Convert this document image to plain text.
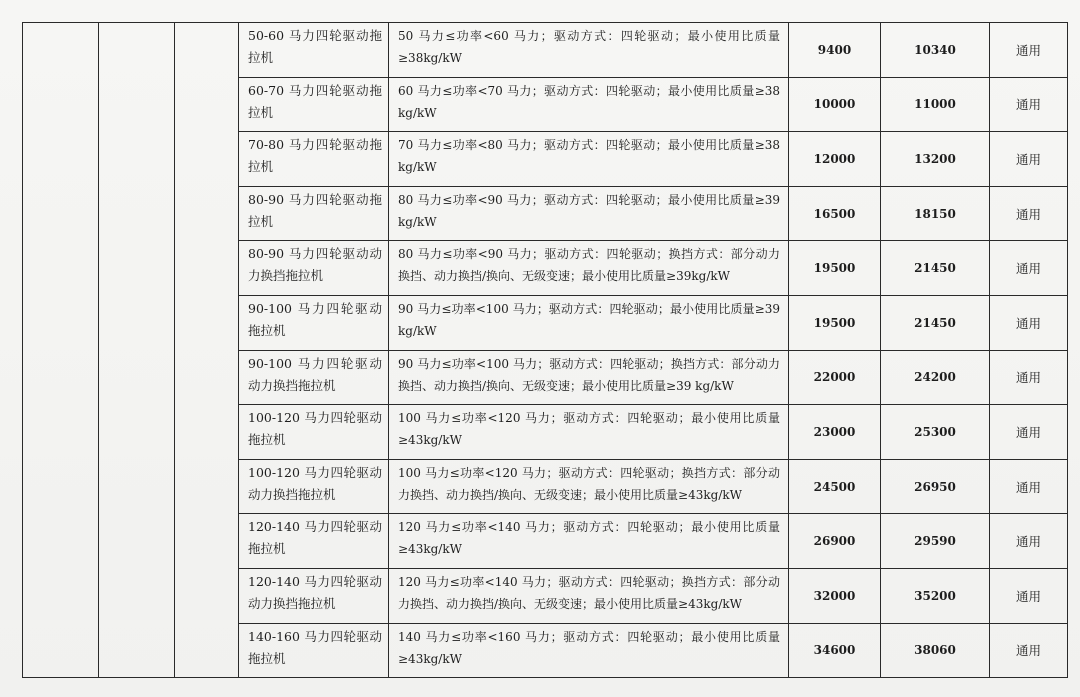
			50-60 马力四轮驱动拖拉机	50 马力≤功率<60 马力；驱动方式：四轮驱动；最小使用比质量≥38kg/kW	9400	10340	通用
			60-70 马力四轮驱动拖拉机	60 马力≤功率<70 马力；驱动方式：四轮驱动；最小使用比质量≥38 kg/kW	10000	11000	通用
			70-80 马力四轮驱动拖拉机	70 马力≤功率<80 马力；驱动方式：四轮驱动；最小使用比质量≥38 kg/kW	12000	13200	通用
			80-90 马力四轮驱动拖拉机	80 马力≤功率<90 马力；驱动方式：四轮驱动；最小使用比质量≥39 kg/kW	16500	18150	通用
			80-90 马力四轮驱动动力换挡拖拉机	80 马力≤功率<90 马力；驱动方式：四轮驱动；换挡方式：部分动力换挡、动力换挡/换向、无级变速；最小使用比质量≥39kg/kW	19500	21450	通用
			90-100 马力四轮驱动拖拉机	90 马力≤功率<100 马力；驱动方式：四轮驱动；最小使用比质量≥39 kg/kW	19500	21450	通用
			90-100 马力四轮驱动动力换挡拖拉机	90 马力≤功率<100 马力；驱动方式：四轮驱动；换挡方式：部分动力换挡、动力换挡/换向、无级变速；最小使用比质量≥39 kg/kW	22000	24200	通用
			100-120 马力四轮驱动拖拉机	100 马力≤功率<120 马力；驱动方式：四轮驱动；最小使用比质量≥43kg/kW	23000	25300	通用
			100-120 马力四轮驱动动力换挡拖拉机	100 马力≤功率<120 马力；驱动方式：四轮驱动；换挡方式：部分动力换挡、动力换挡/换向、无级变速；最小使用比质量≥43kg/kW	24500	26950	通用
			120-140 马力四轮驱动拖拉机	120 马力≤功率<140 马力；驱动方式：四轮驱动；最小使用比质量≥43kg/kW	26900	29590	通用
			120-140 马力四轮驱动动力换挡拖拉机	120 马力≤功率<140 马力；驱动方式：四轮驱动；换挡方式：部分动力换挡、动力换挡/换向、无级变速；最小使用比质量≥43kg/kW	32000	35200	通用
			140-160 马力四轮驱动拖拉机	140 马力≤功率<160 马力；驱动方式：四轮驱动；最小使用比质量≥43kg/kW	34600	38060	通用
